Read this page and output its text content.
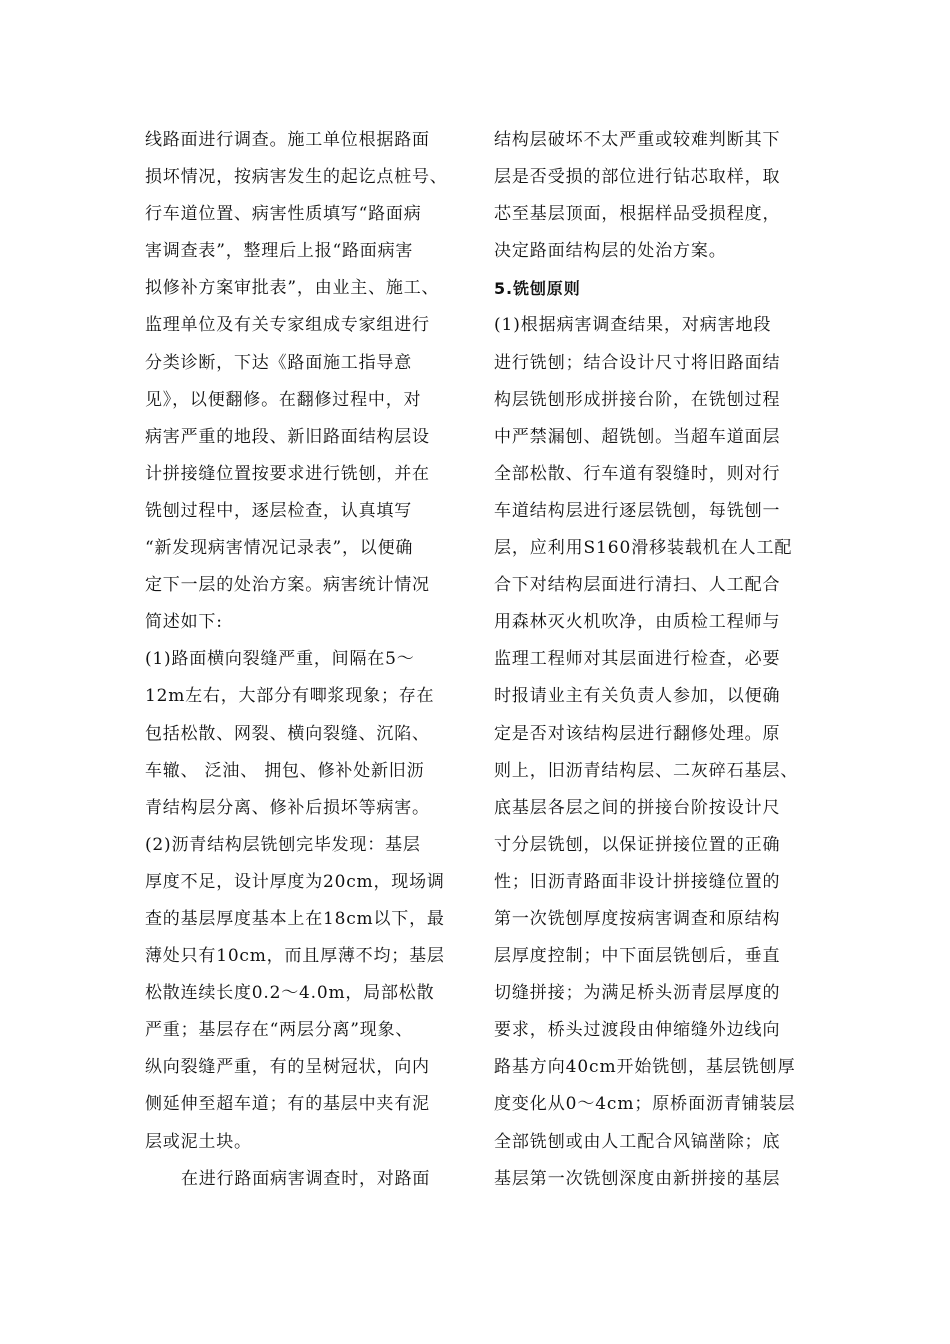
线路面进行调查。施工单位根据路面
损坏情况，按病害发生的起讫点桩号、
行车道位置、病害性质填写“路面病
害调查表”，整理后上报“路面病害
拟修补方案审批表”，由业主、施工、
监理单位及有关专家组成专家组进行
分类诊断，下达《路面施工指导意
见》，以便翻修。在翻修过程中，对
病害严重的地段、新旧路面结构层设
计拼接缝位置按要求进行铣刨，并在
铣刨过程中，逐层检查，认真填写
“新发现病害情况记录表”，以便确
定下一层的处治方案。病害统计情况
简述如下:
(1)路面横向裂缝严重，间隔在5～
12m左右，大部分有唧浆现象；存在
包括松散、网裂、横向裂缝、沉陷、
车辙、 泛油、 拥包、修补处新旧沥
青结构层分离、修补后损坏等病害。
(2)沥青结构层铣刨完毕发现：基层
厚度不足，设计厚度为20cm，现场调
查的基层厚度基本上在18cm以下，最
薄处只有10cm，而且厚薄不均；基层
松散连续长度0.2～4.0m，局部松散
严重；基层存在“两层分离”现象、
纵向裂缝严重，有的呈树冠状，向内
侧延伸至超车道；有的基层中夹有泥
层或泥土块。
在进行路面病害调查时，对路面
结构层破坏不太严重或较难判断其下
层是否受损的部位进行钻芯取样，取
芯至基层顶面，根据样品受损程度，
决定路面结构层的处治方案。
5.铣刨原则
(1)根据病害调查结果，对病害地段
进行铣刨；结合设计尺寸将旧路面结
构层铣刨形成拼接台阶，在铣刨过程
中严禁漏刨、超铣刨。当超车道面层
全部松散、行车道有裂缝时，则对行
车道结构层进行逐层铣刨，每铣刨一
层，应利用S160滑移装载机在人工配
合下对结构层面进行清扫、人工配合
用森林灭火机吹净，由质检工程师与
监理工程师对其层面进行检查，必要
时报请业主有关负责人参加，以便确
定是否对该结构层进行翻修处理。原
则上，旧沥青结构层、二灰碎石基层、
底基层各层之间的拼接台阶按设计尺
寸分层铣刨，以保证拼接位置的正确
性；旧沥青路面非设计拼接缝位置的
第一次铣刨厚度按病害调查和原结构
层厚度控制；中下面层铣刨后，垂直
切缝拼接；为满足桥头沥青层厚度的
要求，桥头过渡段由伸缩缝外边线向
路基方向40cm开始铣刨，基层铣刨厚
度变化从0～4cm；原桥面沥青铺装层
全部铣刨或由人工配合风镐凿除；底
基层第一次铣刨深度由新拼接的基层
